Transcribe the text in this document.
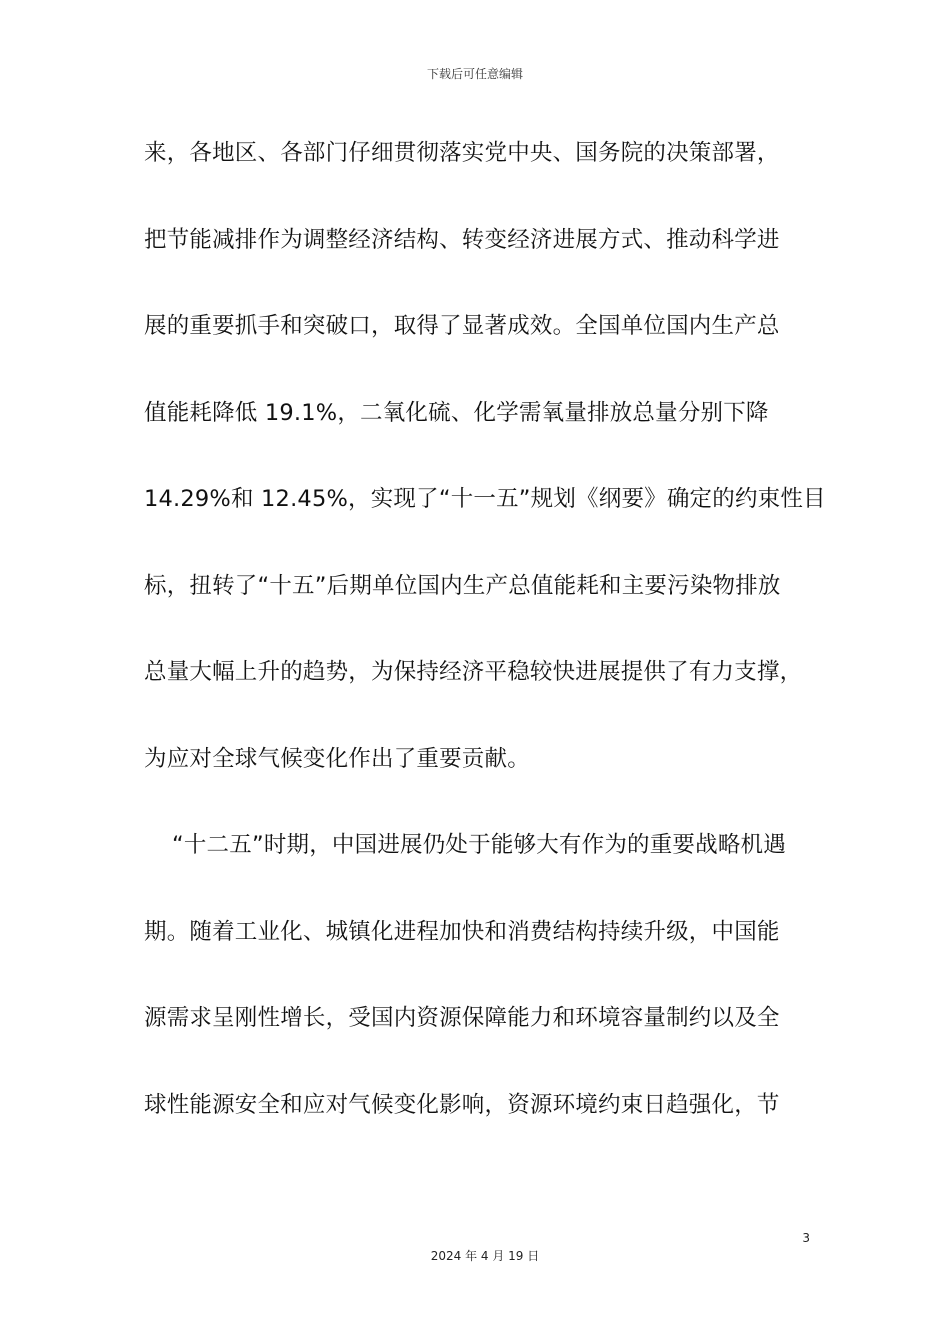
下载后可任意编辑
来，各地区、各部门仔细贯彻落实党中央、国务院的决策部署，
把节能减排作为调整经济结构、转变经济进展方式、推动科学进
展的重要抓手和突破口，取得了显著成效。全国单位国内生产总
值能耗降低 19.1%，二氧化硫、化学需氧量排放总量分别下降
14.29%和 12.45%，实现了“十一五”规划《纲要》确定的约束性目
标，扭转了“十五”后期单位国内生产总值能耗和主要污染物排放
总量大幅上升的趋势，为保持经济平稳较快进展提供了有力支撑，
为应对全球气候变化作出了重要贡献。
“十二五”时期，中国进展仍处于能够大有作为的重要战略机遇
期。随着工业化、城镇化进程加快和消费结构持续升级，中国能
源需求呈刚性增长，受国内资源保障能力和环境容量制约以及全
球性能源安全和应对气候变化影响，资源环境约束日趋强化，节
3
2024 年 4 月 19 日
